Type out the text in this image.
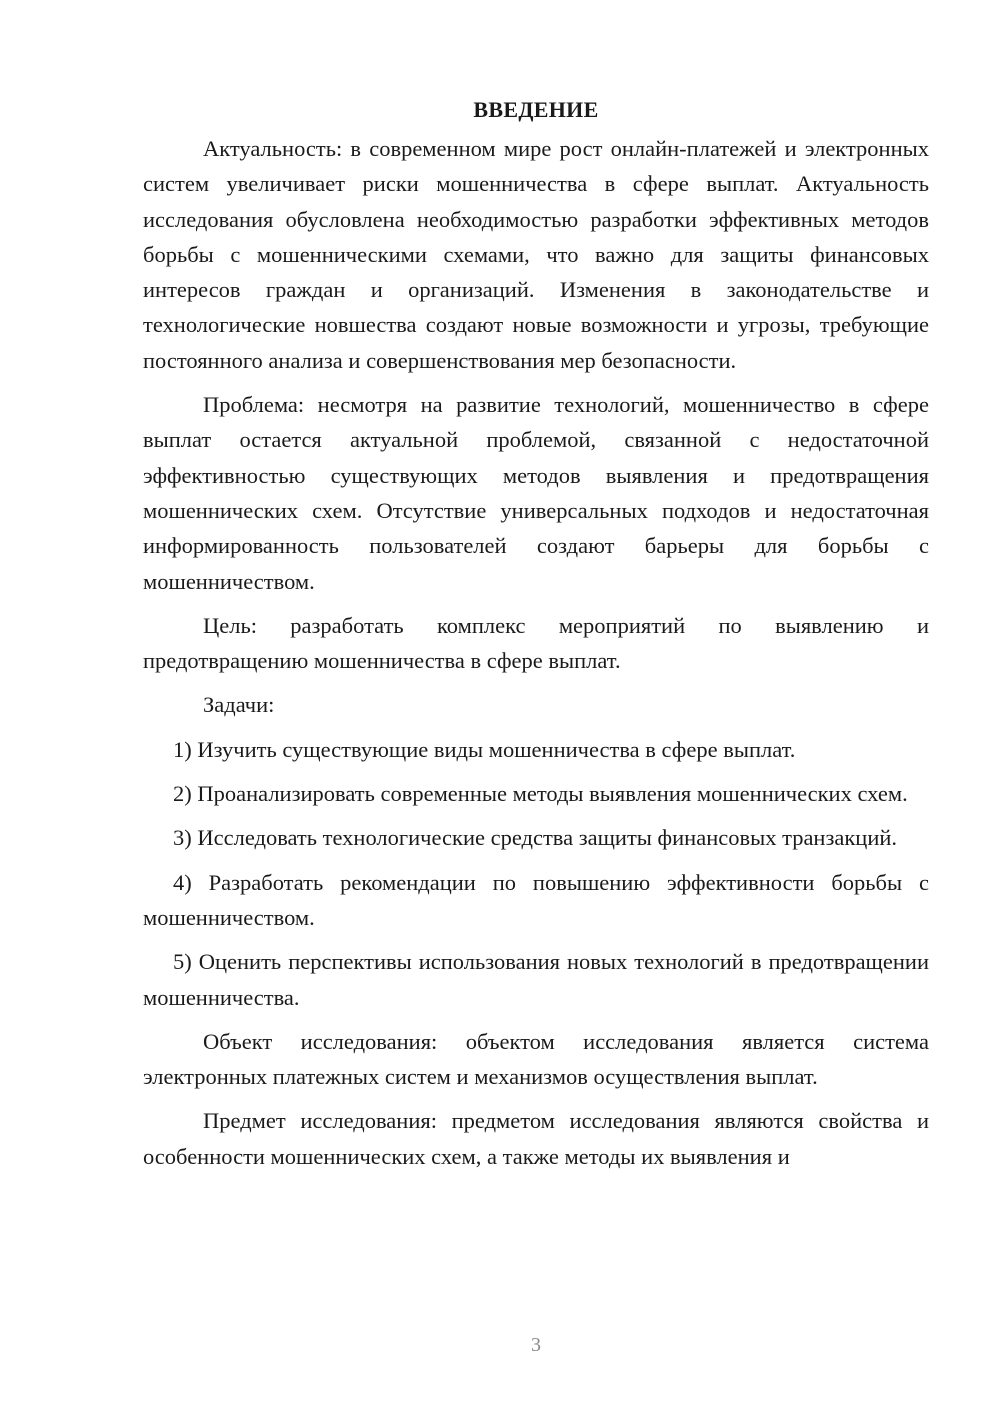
ВВЕДЕНИЕ

Актуальность: в современном мире рост онлайн-платежей и электронных систем увеличивает риски мошенничества в сфере выплат. Актуальность исследования обусловлена необходимостью разработки эффективных методов борьбы с мошенническими схемами, что важно для защиты финансовых интересов граждан и организаций. Изменения в законодательстве и технологические новшества создают новые возможности и угрозы, требующие постоянного анализа и совершенствования мер безопасности.

Проблема: несмотря на развитие технологий, мошенничество в сфере выплат остается актуальной проблемой, связанной с недостаточной эффективностью существующих методов выявления и предотвращения мошеннических схем. Отсутствие универсальных подходов и недостаточная информированность пользователей создают барьеры для борьбы с мошенничеством.

Цель: разработать комплекс мероприятий по выявлению и предотвращению мошенничества в сфере выплат.

Задачи:

1) Изучить существующие виды мошенничества в сфере выплат.

2) Проанализировать современные методы выявления мошеннических схем.

3) Исследовать технологические средства защиты финансовых транзакций.

4) Разработать рекомендации по повышению эффективности борьбы с мошенничеством.

5) Оценить перспективы использования новых технологий в предотвращении мошенничества.

Объект исследования: объектом исследования является система электронных платежных систем и механизмов осуществления выплат.

Предмет исследования: предметом исследования являются свойства и особенности мошеннических схем, а также методы их выявления и

3
